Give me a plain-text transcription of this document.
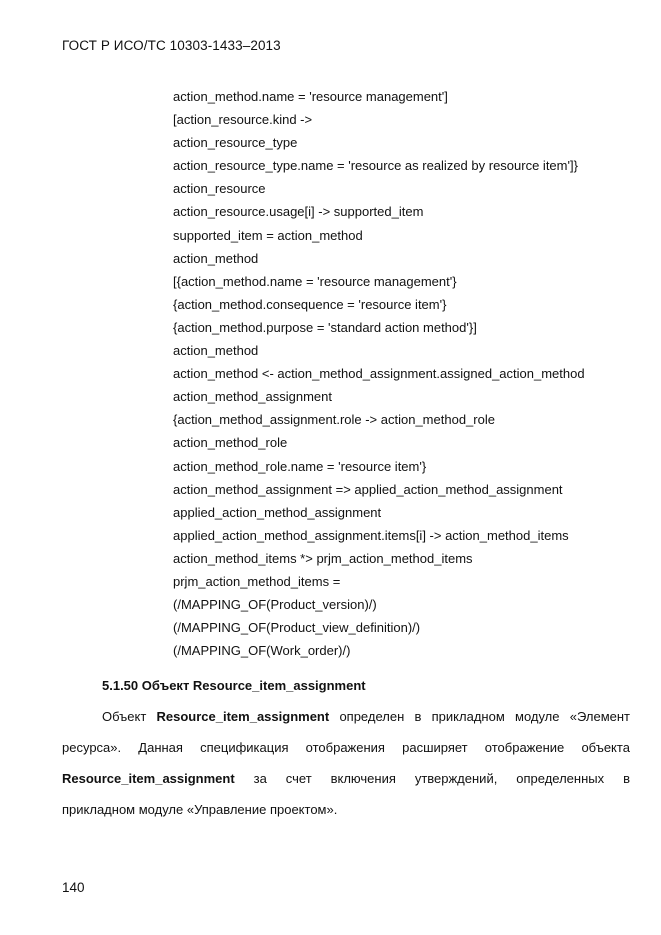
ГОСТ Р ИСО/ТС 10303-1433–2013
action_method.name = 'resource management']
[action_resource.kind ->
action_resource_type
action_resource_type.name = 'resource as realized by resource item']}
action_resource
action_resource.usage[i] -> supported_item
supported_item = action_method
action_method
[{action_method.name = 'resource management'}
{action_method.consequence = 'resource item'}
{action_method.purpose = 'standard action method'}]
action_method
action_method <- action_method_assignment.assigned_action_method
action_method_assignment
{action_method_assignment.role -> action_method_role
action_method_role
action_method_role.name = 'resource item'}
action_method_assignment => applied_action_method_assignment
applied_action_method_assignment
applied_action_method_assignment.items[i] -> action_method_items
action_method_items *> prjm_action_method_items
prjm_action_method_items =
(/MAPPING_OF(Product_version)/)
(/MAPPING_OF(Product_view_definition)/)
(/MAPPING_OF(Work_order)/)
5.1.50 Объект Resource_item_assignment
Объект Resource_item_assignment определен в прикладном модуле «Элемент
ресурса». Данная спецификация отображения расширяет отображение объекта
Resource_item_assignment за счет включения утверждений, определенных в
прикладном модуле «Управление проектом».
140
